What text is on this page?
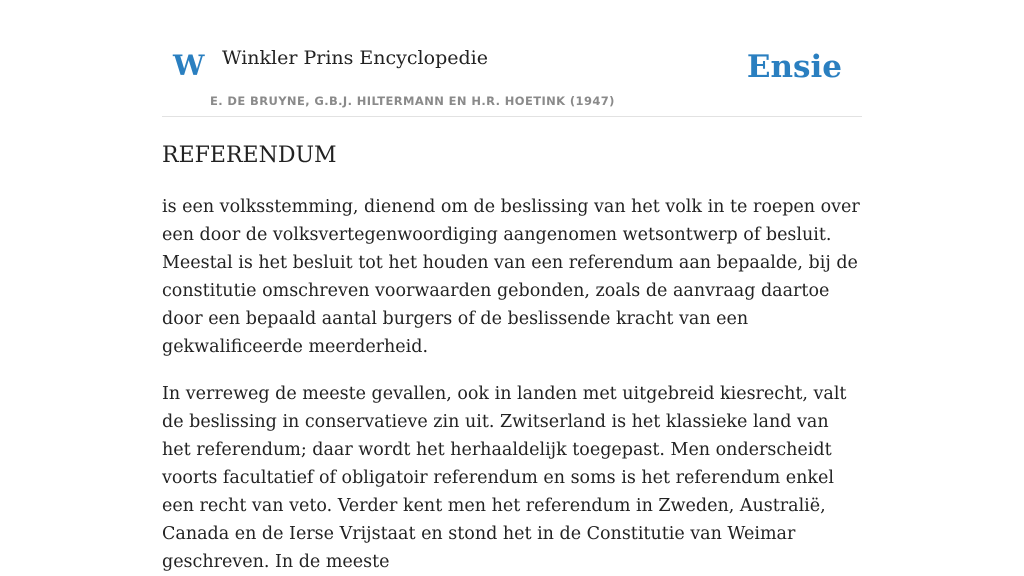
W Winkler Prins Encyclopedie
E. DE BRUYNE, G.B.J. HILTERMANN EN H.R. HOETINK (1947)
Ensie
REFERENDUM

is een volksstemming, dienend om de beslissing van het volk in te roepen over een door de volksvertegenwoordiging aangenomen wetsontwerp of besluit. Meestal is het besluit tot het houden van een referendum aan bepaalde, bij de constitutie omschreven voorwaarden gebonden, zoals de aanvraag daartoe door een bepaald aantal burgers of de beslissende kracht van een gekwalificeerde meerderheid.

In verreweg de meeste gevallen, ook in landen met uitgebreid kiesrecht, valt de beslissing in conservatieve zin uit. Zwitserland is het klassieke land van het referendum; daar wordt het herhaaldelijk toegepast. Men onderscheidt voorts facultatief of obligatoir referendum en soms is het referendum enkel een recht van veto. Verder kent men het referendum in Zweden, Australië, Canada en de Ierse Vrijstaat en stond het in de Constitutie van Weimar geschreven. In de meeste
